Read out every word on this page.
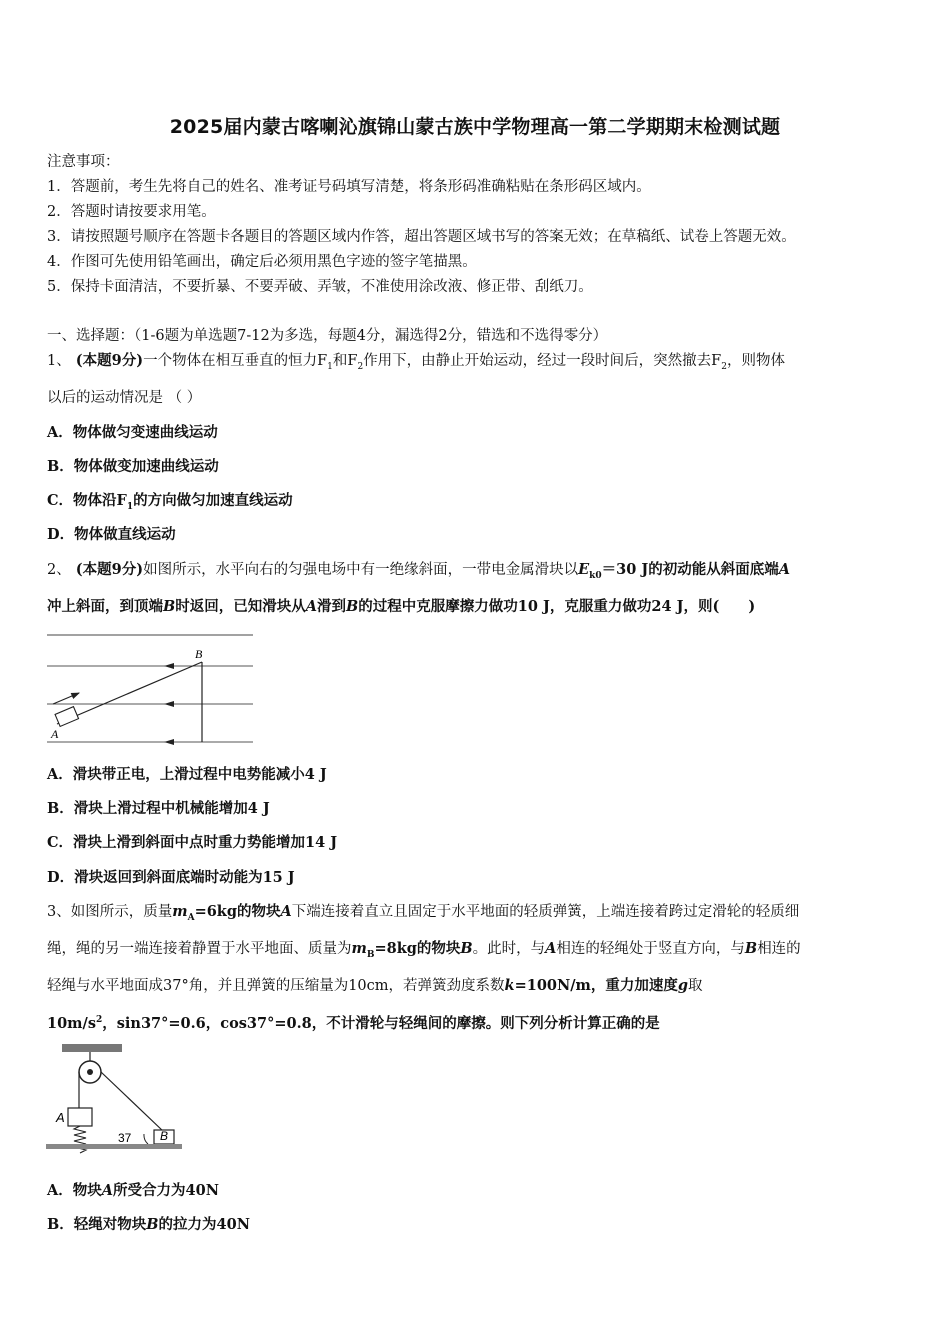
2025届内蒙古喀喇沁旗锦山蒙古族中学物理高一第二学期期末检测试题
注意事项：
1．答题前，考生先将自己的姓名、准考证号码填写清楚，将条形码准确粘贴在条形码区域内。
2．答题时请按要求用笔。
3．请按照题号顺序在答题卡各题目的答题区域内作答，超出答题区域书写的答案无效；在草稿纸、试卷上答题无效。
4．作图可先使用铅笔画出，确定后必须用黑色字迹的签字笔描黑。
5．保持卡面清洁，不要折暴、不要弄破、弄皱，不准使用涂改液、修正带、刮纸刀。
一、选择题：（1-6题为单选题7-12为多选，每题4分，漏选得2分，错选和不选得零分）
1、 (本题9分)一个物体在相互垂直的恒力$F_1$和$F_2$作用下，由静止开始运动，经过一段时间后，突然撤去$F_2$，则物体
以后的运动情况是 （ ）
A．物体做匀变速曲线运动
B．物体做变加速曲线运动
C．物体沿$F_1$的方向做匀加速直线运动
D．物体做直线运动
2、 (本题9分)如图所示，水平向右的匀强电场中有一绝缘斜面，一带电金属滑块以$E_{k0}=30$ J的初动能从斜面底端A
冲上斜面，到顶端B时返回，已知滑块从A滑到B的过程中克服摩擦力做功10 J，克服重力做功24 J，则(　　)
A
B
A．滑块带正电，上滑过程中电势能减小4 J
B．滑块上滑过程中机械能增加4 J
C．滑块上滑到斜面中点时重力势能增加14 J
D．滑块返回到斜面底端时动能为15 J
3、如图所示，质量$m_A=6kg$的物块A下端连接着直立且固定于水平地面的轻质弹簧，上端连接着跨过定滑轮的轻质细
绳，绳的另一端连接着静置于水平地面、质量为$m_B=8kg$的物块B。此时，与A相连的轻绳处于竖直方向，与B相连的
轻绳与水平地面成37°角，并且弹簧的压缩量为10cm，若弹簧劲度系数k=100N/m，重力加速度g取
$10m/s^2$，sin37°=0.6，cos37°=0.8，不计滑轮与轻绳间的摩擦。则下列分析计算正确的是
A
B
37
A．物块A所受合力为40N
B．轻绳对物块B的拉力为40N
